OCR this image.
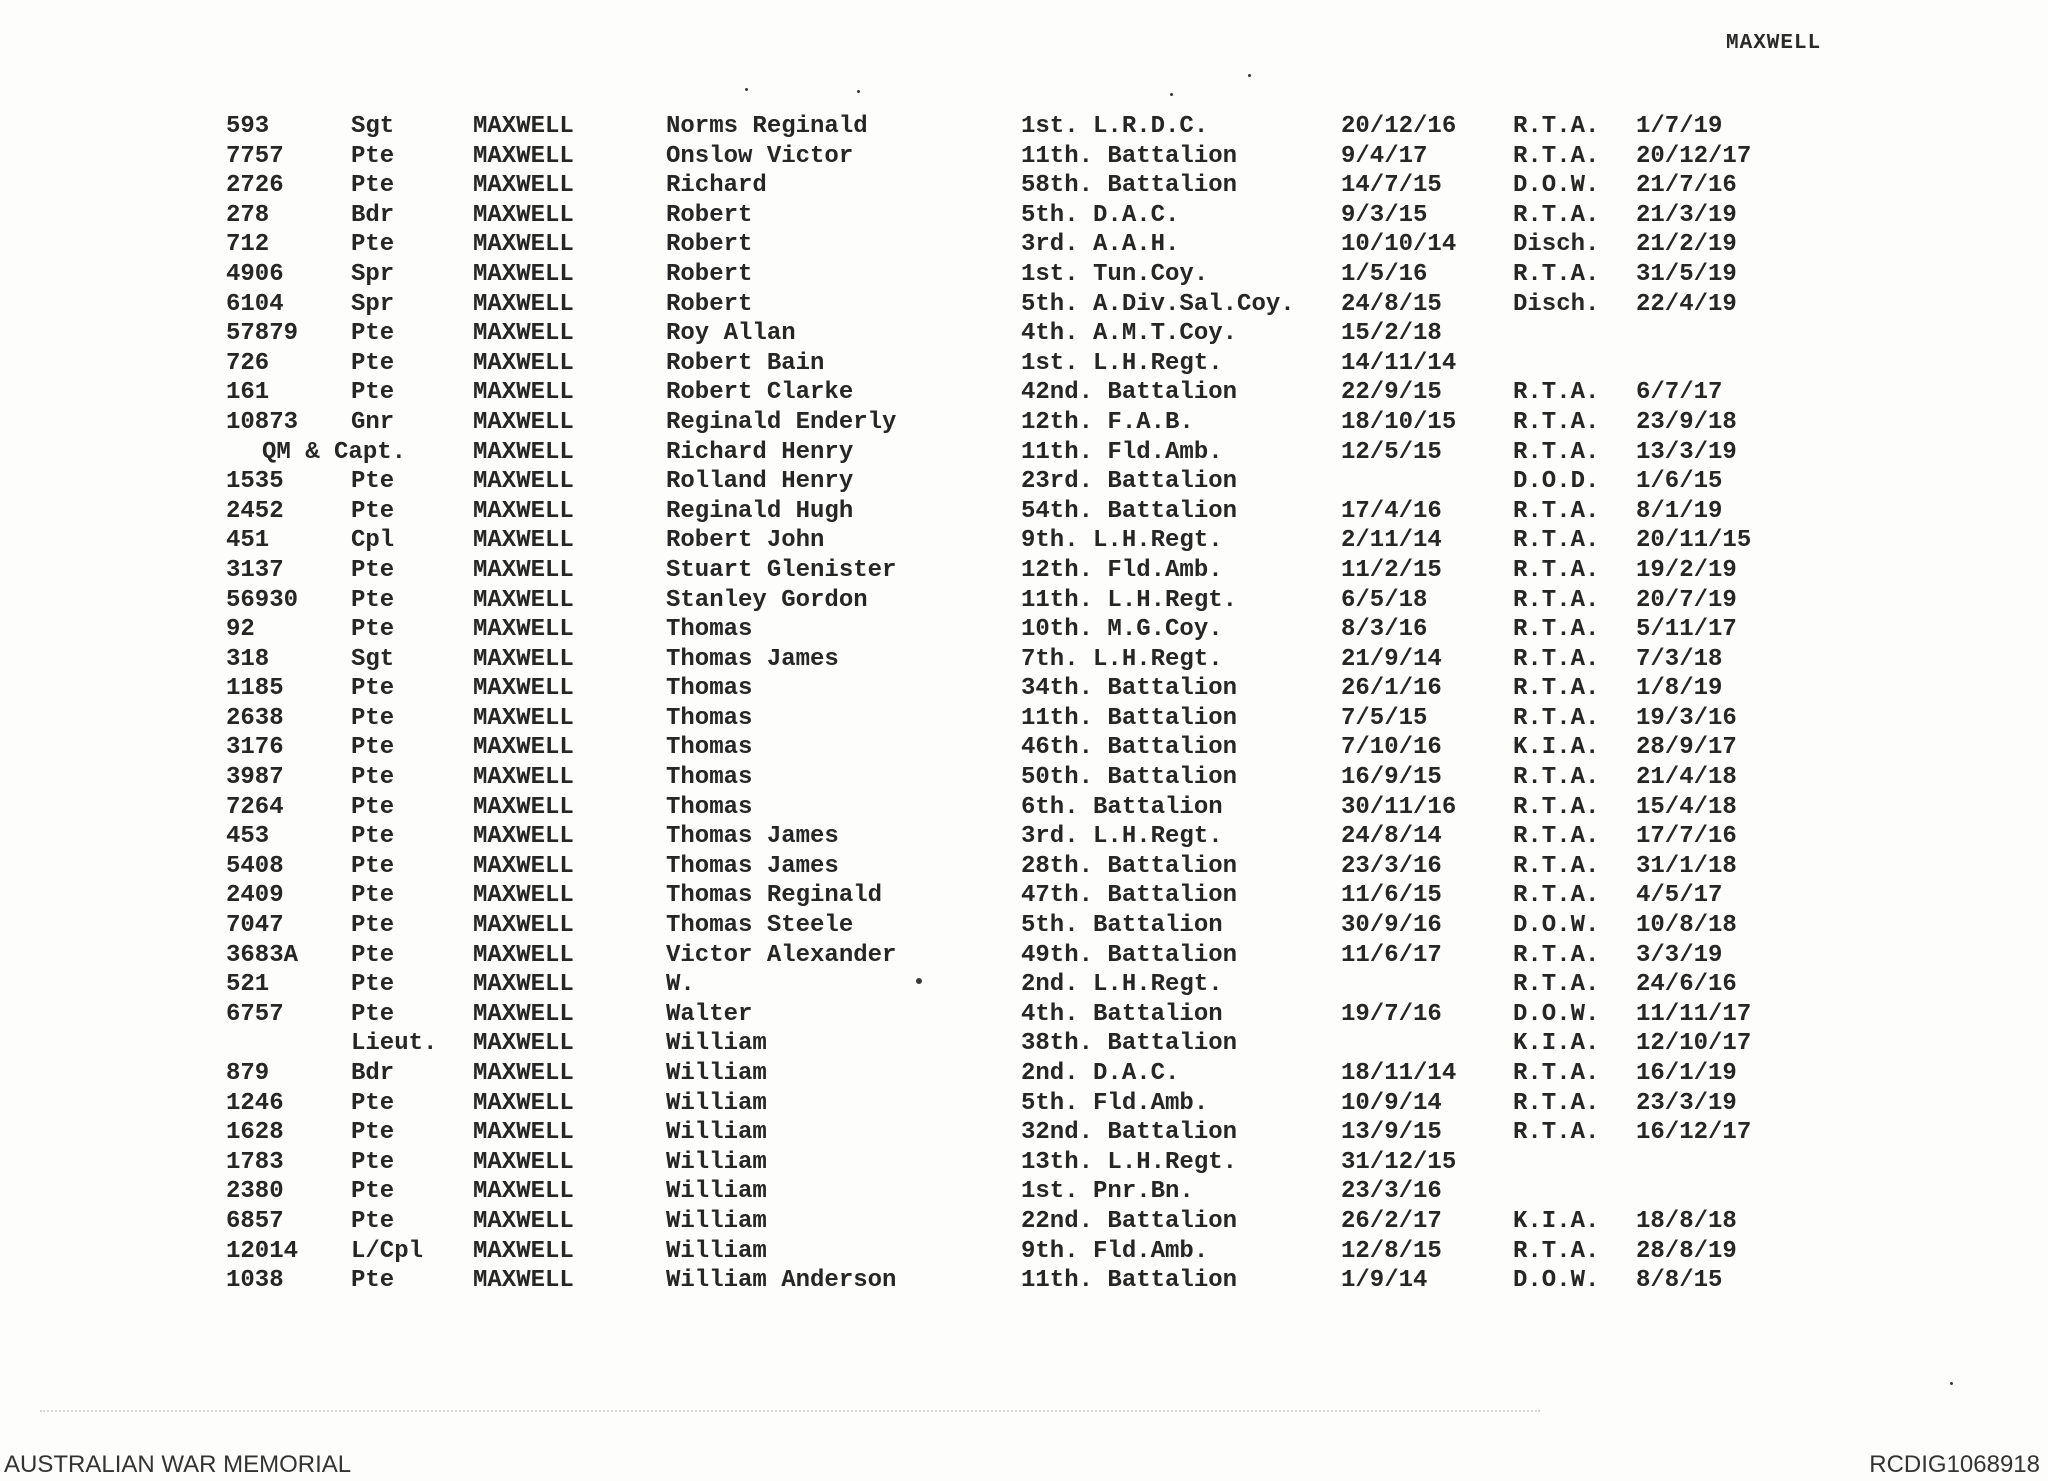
MAXWELL
593	Sgt	MAXWELL	Norms Reginald	1st. L.R.D.C.	20/12/16 R.T.A. 1/7/19
7757	Pte	MAXWELL	Onslow Victor	11th. Battalion	9/4/17	R.T.A. 20/12/17
2726	Pte	MAXWELL	Richard	58th. Battalion	14/7/15	D.O.W. 21/7/16
278	Bdr	MAXWELL	Robert	5th. D.A.C.	9/3/15	R.T.A. 21/3/19
712	Pte	MAXWELL	Robert	3rd. A.A.H.	10/10/14 Disch. 21/2/19
4906	Spr	MAXWELL	Robert	1st. Tun.Coy.	1/5/16	R.T.A. 31/5/19
6104	Spr	MAXWELL	Robert	5th. A.Div.Sal.Coy. 24/8/15	Disch. 22/4/19
57879 Pte	MAXWELL	Roy Allan	4th. A.M.T.Coy.	15/2/18
726	Pte	MAXWELL	Robert Bain	1st. L.H.Regt.	14/11/14
161	Pte	MAXWELL	Robert Clarke	42nd. Battalion	22/9/15	R.T.A. 6/7/17
10873 Gnr	MAXWELL	Reginald Enderly	12th. F.A.B.	18/10/15 R.T.A. 23/9/18
QM & Capt.	MAXWELL	Richard Henry	11th. Fld.Amb.	12/5/15	R.T.A. 13/3/19
1535	Pte	MAXWELL	Rolland Henry	23rd. Battalion	D.O.D. 1/6/15
2452	Pte	MAXWELL	Reginald Hugh	54th. Battalion	17/4/16	R.T.A. 8/1/19
451	Cpl	MAXWELL	Robert John	9th. L.H.Regt.	2/11/14	R.T.A. 20/11/15
3137	Pte	MAXWELL	Stuart Glenister	12th. Fld.Amb.	11/2/15	R.T.A. 19/2/19
56930 Pte	MAXWELL	Stanley Gordon	11th. L.H.Regt.	6/5/18	R.T.A. 20/7/19
92	Pte	MAXWELL	Thomas	10th. M.G.Coy.	8/3/16	R.T.A. 5/11/17
318	Sgt	MAXWELL	Thomas James	7th. L.H.Regt.	21/9/14	R.T.A. 7/3/18
1185	Pte	MAXWELL	Thomas	34th. Battalion	26/1/16	R.T.A. 1/8/19
2638	Pte	MAXWELL	Thomas	11th. Battalion	7/5/15	R.T.A. 19/3/16
3176	Pte	MAXWELL	Thomas	46th. Battalion	7/10/16	K.I.A. 28/9/17
3987	Pte	MAXWELL	Thomas	50th. Battalion	16/9/15	R.T.A. 21/4/18
7264	Pte	MAXWELL	Thomas	6th. Battalion	30/11/16 R.T.A. 15/4/18
453	Pte	MAXWELL	Thomas James	3rd. L.H.Regt.	24/8/14	R.T.A. 17/7/16
5408	Pte	MAXWELL	Thomas James	28th. Battalion	23/3/16	R.T.A. 31/1/18
2409	Pte	MAXWELL	Thomas Reginald	47th. Battalion	11/6/15	R.T.A. 4/5/17
7047	Pte	MAXWELL	Thomas Steele	5th. Battalion	30/9/16	D.O.W. 10/8/18
3683A Pte	MAXWELL	Victor Alexander	49th. Battalion	11/6/17	R.T.A. 3/3/19
521	Pte	MAXWELL	W.	2nd. L.H.Regt.	R.T.A. 24/6/16
6757	Pte	MAXWELL	Walter	4th. Battalion	19/7/16	D.O.W. 11/11/17
Lieut. MAXWELL	William	38th. Battalion	K.I.A. 12/10/17
879	Bdr	MAXWELL	William	2nd. D.A.C.	18/11/14 R.T.A. 16/1/19
1246	Pte	MAXWELL	William	5th. Fld.Amb.	10/9/14	R.T.A. 23/3/19
1628	Pte	MAXWELL	William	32nd. Battalion	13/9/15	R.T.A. 16/12/17
1783	Pte	MAXWELL	William	13th. L.H.Regt.	31/12/15
2380	Pte	MAXWELL	William	1st. Pnr.Bn.	23/3/16
6857	Pte	MAXWELL	William	22nd. Battalion	26/2/17	K.I.A. 18/8/18
12014 L/Cpl MAXWELL	William	9th. Fld.Amb.	12/8/15	R.T.A. 28/8/19
1038	Pte	MAXWELL	William Anderson	11th. Battalion	1/9/14	D.O.W. 8/8/15
AUSTRALIAN WAR MEMORIAL	RCDIG1068918
